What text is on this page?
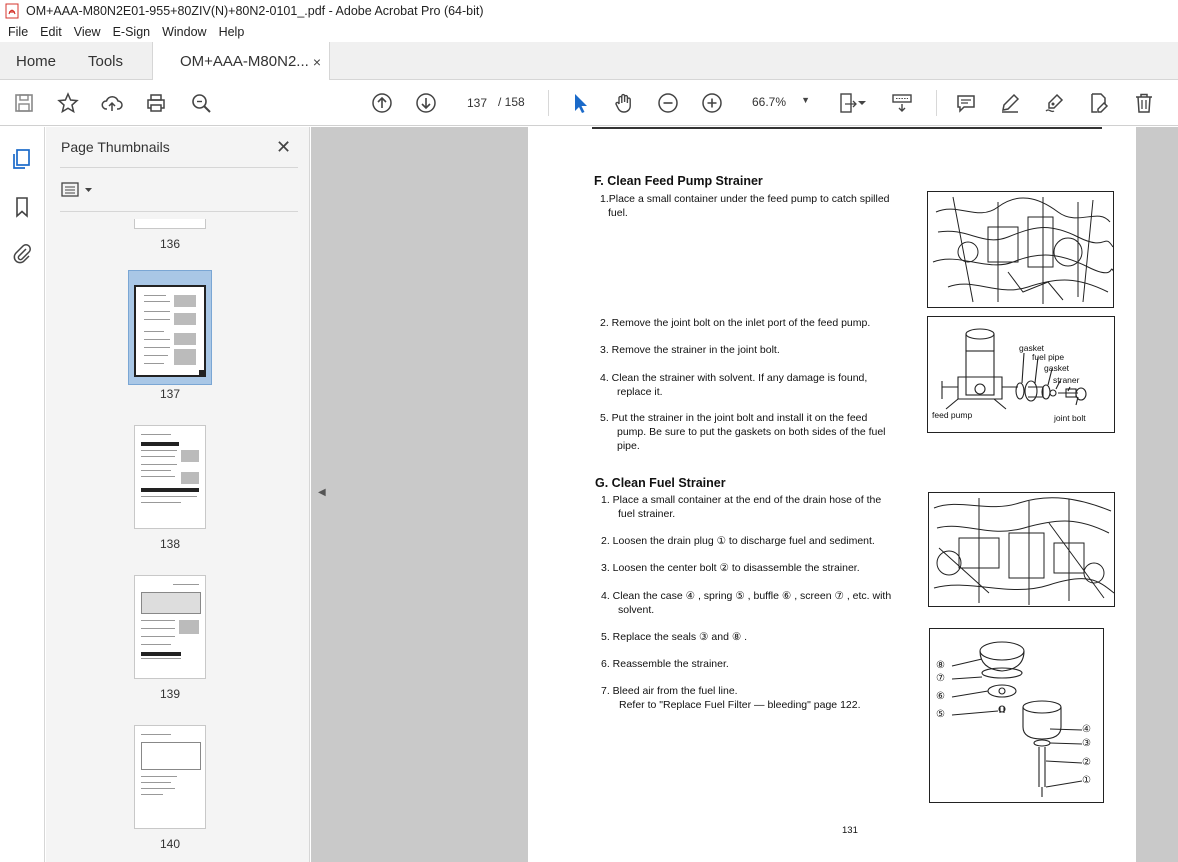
OM+AAA-M80N2E01-955+80ZIV(N)+80N2-0101_.pdf - Adobe Acrobat Pro (64-bit)
File Edit View E-Sign Window Help
Home Tools	OM+AAA-M80N2... ×
137 / 158	66.7% ▼
Page Thumbnails	✕
136
137
138
139
140
◀
F. Clean Feed Pump Strainer
1.Place a small container under the feed pump to catch spilled
fuel.
2. Remove the joint bolt on the inlet port of the feed pump.
3. Remove the strainer in the joint bolt.
4. Clean the strainer with solvent. If any damage is found,
replace it.
5. Put the strainer in the joint bolt and install it on the feed
pump. Be sure to put the gaskets on both sides of the fuel
pipe.
gasket
fuel pipe
gasket
straner
feed pump	joint bolt
G. Clean Fuel Strainer
1. Place a small container at the end of the drain hose of the
fuel strainer.
2. Loosen the drain plug ① to discharge fuel and sediment.
3. Loosen the center bolt ② to disassemble the strainer.
4. Clean the case ④ , spring ⑤ , buffle ⑥ , screen ⑦ , etc. with
solvent.
5. Replace the seals ③ and ⑧ .
6. Reassemble the strainer.
7. Bleed air from the fuel line.
Refer to "Replace Fuel Filter — bleeding" page 122.
⑧
⑦
⑥
⑤
④
③
②
①
131
